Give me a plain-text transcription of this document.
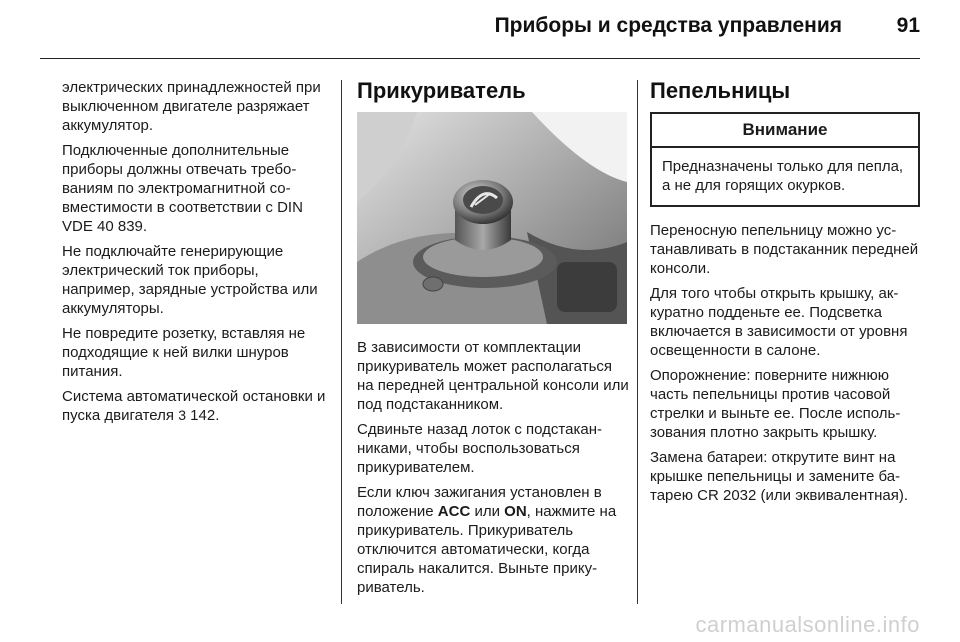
Приборы и средства управления	91

электрических принадлежностей при выключенном двигателе разряжает аккумулятор.

Подключенные дополнительные приборы должны отвечать требованиям по электромагнитной совместимости в соответствии с DIN VDE 40 839.

Не подключайте генерирующие электрический ток приборы, например, зарядные устройства или аккумуляторы.

Не повредите розетку, вставляя не подходящие к ней вилки шнуров питания.

Система автоматической остановки и пуска двигателя 3 142.

Прикуриватель

В зависимости от комплектации прикуриватель может располагаться на передней центральной консоли или под подстаканником.

Сдвиньте назад лоток с подстаканниками, чтобы воспользоваться прикуривателем.

Если ключ зажигания установлен в положение ACC или ON, нажмите на прикуриватель. Прикуриватель отключится автоматически, когда спираль накалится. Выньте прикуриватель.

Пепельницы
Внимание
Предназначены только для пепла, а не для горящих окурков.

Переносную пепельницу можно устанавливать в подстаканник передней консоли.

Для того чтобы открыть крышку, аккуратно подденьте ее. Подсветка включается в зависимости от уровня освещенности в салоне.

Опорожнение: поверните нижнюю часть пепельницы против часовой стрелки и выньте ее. После использования плотно закрыть крышку.

Замена батареи: открутите винт на крышке пепельницы и замените батарею CR 2032 (или эквивалентная).

carmanualsonline.info
